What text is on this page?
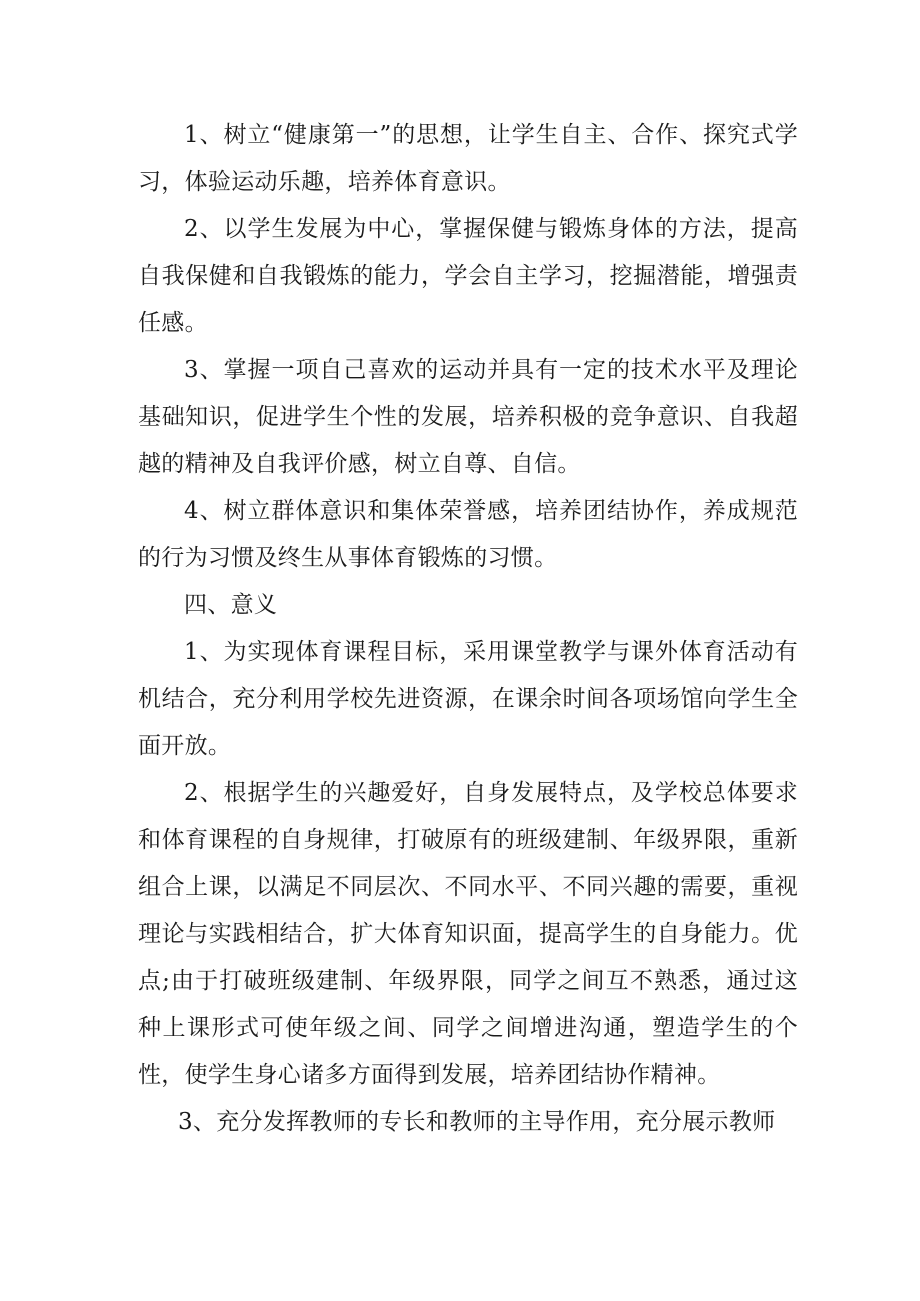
1、树立“健康第一”的思想，让学生自主、合作、探究式学习，体验运动乐趣，培养体育意识。

2、以学生发展为中心，掌握保健与锻炼身体的方法，提高自我保健和自我锻炼的能力，学会自主学习，挖掘潜能，增强责任感。

3、掌握一项自己喜欢的运动并具有一定的技术水平及理论基础知识，促进学生个性的发展，培养积极的竞争意识、自我超越的精神及自我评价感，树立自尊、自信。

4、树立群体意识和集体荣誉感，培养团结协作，养成规范的行为习惯及终生从事体育锻炼的习惯。

四、意义

1、为实现体育课程目标，采用课堂教学与课外体育活动有机结合，充分利用学校先进资源，在课余时间各项场馆向学生全面开放。

2、根据学生的兴趣爱好，自身发展特点，及学校总体要求和体育课程的自身规律，打破原有的班级建制、年级界限，重新组合上课，以满足不同层次、不同水平、不同兴趣的需要，重视理论与实践相结合，扩大体育知识面，提高学生的自身能力。优点;由于打破班级建制、年级界限，同学之间互不熟悉，通过这种上课形式可使年级之间、同学之间增进沟通，塑造学生的个性，使学生身心诸多方面得到发展，培养团结协作精神。

3、充分发挥教师的专长和教师的主导作用，充分展示教师
